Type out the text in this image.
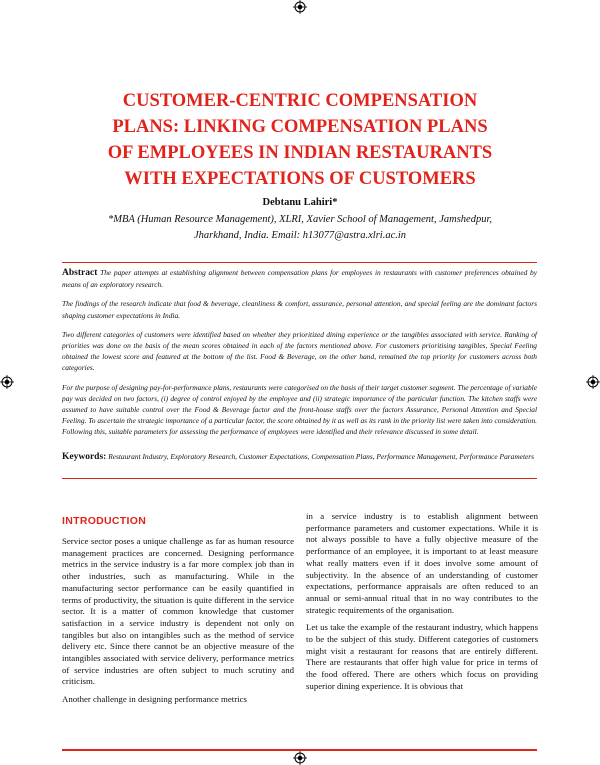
CUSTOMER-CENTRIC COMPENSATION
PLANS: LINKING COMPENSATION PLANS
OF EMPLOYEES IN INDIAN RESTAURANTS
WITH EXPECTATIONS OF CUSTOMERS
Debtanu Lahiri*
*MBA (Human Resource Management), XLRI, Xavier School of Management, Jamshedpur,
Jharkhand, India. Email: h13077@astra.xlri.ac.in

Abstract The paper attempts at establishing alignment between compensation plans for employees in restaurants with customer preferences obtained by means of an exploratory research.

The findings of the research indicate that food & beverage, cleanliness & comfort, assurance, personal attention, and special feeling are the dominant factors shaping customer expectations in India.

Two different categories of customers were identified based on whether they prioritized dining experience or the tangibles associated with service. Ranking of priorities was done on the basis of the mean scores obtained in each of the factors mentioned above. For customers prioritising tangibles, Special Feeling obtained the lowest score and featured at the bottom of the list. Food & Beverage, on the other hand, remained the top priority for customers across both categories.

For the purpose of designing pay-for-performance plans, restaurants were categorised on the basis of their target customer segment. The percentage of variable pay was decided on two factors, (i) degree of control enjoyed by the employee and (ii) strategic importance of the particular function. The kitchen staffs were assumed to have suitable control over the Food & Beverage factor and the front-house staffs over the factors Assurance, Personal Attention and Special Feeling. To ascertain the strategic importance of a particular factor, the score obtained by it as well as its rank in the priority list were taken into consideration. Following this, suitable parameters for assessing the performance of employees were identified and their relevance discussed in some detail.

Keywords: Restaurant Industry, Exploratory Research, Customer Expectations, Compensation Plans, Performance Management, Performance Parameters
INTRODUCTION

Service sector poses a unique challenge as far as human resource management practices are concerned. Designing performance metrics in the service industry is a far more complex job than in other industries, such as manufacturing. While in the manufacturing sector performance can be easily quantified in terms of productivity, the situation is quite different in the service sector. It is a matter of common knowledge that customer satisfaction in a service industry is dependent not only on tangibles but also on intangibles such as the method of service delivery etc. Since there cannot be an objective measure of the intangibles associated with service delivery, performance metrics of service industries are often subject to much scrutiny and criticism.

Another challenge in designing performance metrics

in a service industry is to establish alignment between performance parameters and customer expectations. While it is not always possible to have a fully objective measure of the performance of an employee, it is important to at least measure what really matters even if it does involve some amount of subjectivity. In the absence of an understanding of customer expectations, performance appraisals are often reduced to an annual or semi-annual ritual that in no way contributes to the strategic requirements of the organisation.

Let us take the example of the restaurant industry, which happens to be the subject of this study. Different categories of customers might visit a restaurant for reasons that are entirely different. There are restaurants that offer high value for price in terms of the food offered. There are others which focus on providing superior dining experience. It is obvious that
